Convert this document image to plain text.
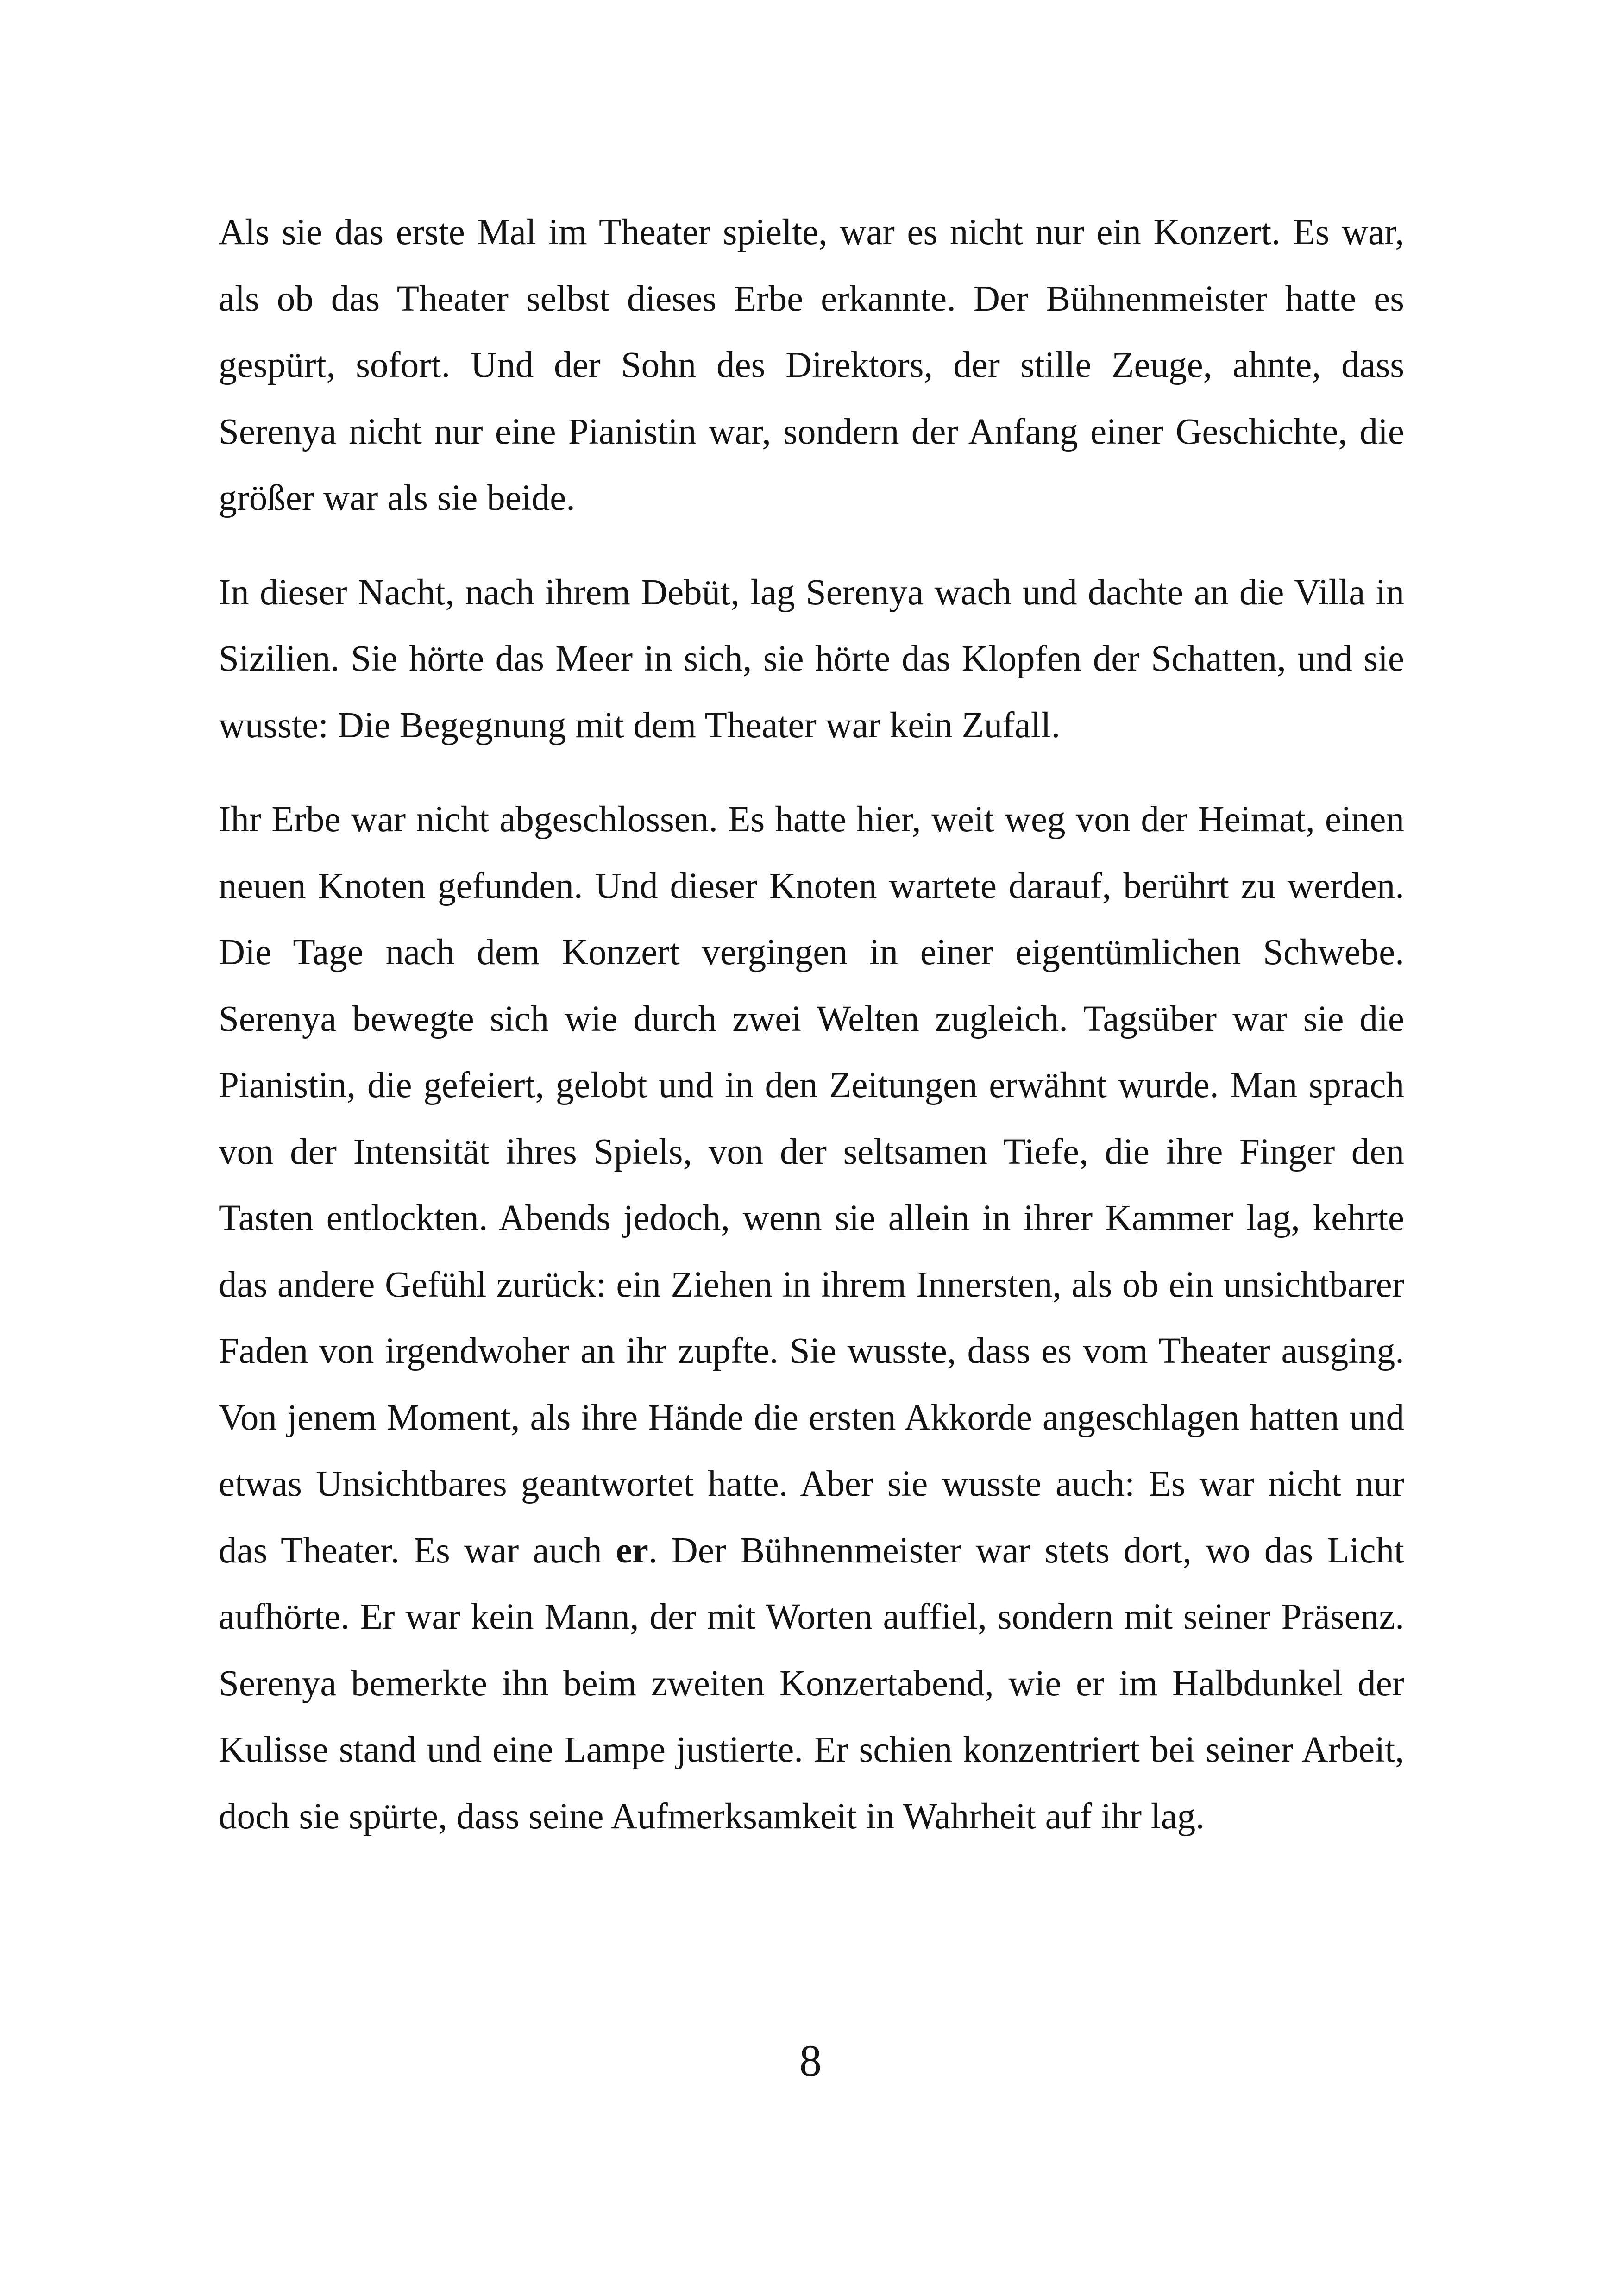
Als sie das erste Mal im Theater spielte, war es nicht nur ein Konzert. Es war, als ob das Theater selbst dieses Erbe erkannte. Der Bühnenmeister hatte es gespürt, sofort. Und der Sohn des Direktors, der stille Zeuge, ahnte, dass Serenya nicht nur eine Pianistin war, sondern der Anfang einer Geschichte, die größer war als sie beide.

In dieser Nacht, nach ihrem Debüt, lag Serenya wach und dachte an die Villa in Sizilien. Sie hörte das Meer in sich, sie hörte das Klopfen der Schatten, und sie wusste: Die Begegnung mit dem Theater war kein Zufall.

Ihr Erbe war nicht abgeschlossen. Es hatte hier, weit weg von der Heimat, einen neuen Knoten gefunden. Und dieser Knoten wartete darauf, berührt zu werden. Die Tage nach dem Konzert vergingen in einer eigentümlichen Schwebe. Serenya bewegte sich wie durch zwei Welten zugleich. Tagsüber war sie die Pianistin, die gefeiert, gelobt und in den Zeitungen erwähnt wurde. Man sprach von der Intensität ihres Spiels, von der seltsamen Tiefe, die ihre Finger den Tasten entlockten. Abends jedoch, wenn sie allein in ihrer Kammer lag, kehrte das andere Gefühl zurück: ein Ziehen in ihrem Innersten, als ob ein unsichtbarer Faden von irgendwoher an ihr zupfte. Sie wusste, dass es vom Theater ausging. Von jenem Moment, als ihre Hände die ersten Akkorde angeschlagen hatten und etwas Unsichtbares geantwortet hatte. Aber sie wusste auch: Es war nicht nur das Theater. Es war auch er. Der Bühnenmeister war stets dort, wo das Licht aufhörte. Er war kein Mann, der mit Worten auffiel, sondern mit seiner Präsenz. Serenya bemerkte ihn beim zweiten Konzertabend, wie er im Halbdunkel der Kulisse stand und eine Lampe justierte. Er schien konzentriert bei seiner Arbeit, doch sie spürte, dass seine Aufmerksamkeit in Wahrheit auf ihr lag.

8
